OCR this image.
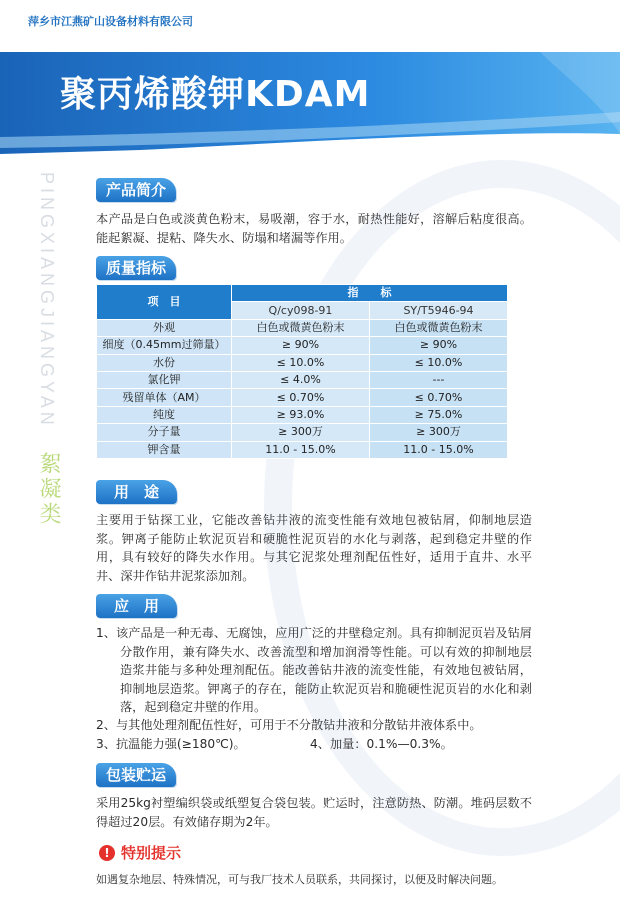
萍乡市江燕矿山设备材料有限公司
聚丙烯酸钾KDAM
PINGXIANGJIANGYAN
絮凝类
产品简介
本产品是白色或淡黄色粉末，易吸潮，容于水，耐热性能好，溶解后粘度很高。能起絮凝、提粘、降失水、防塌和堵漏等作用。
质量指标
项　目	指　　标	
	Q/cy098-91	SY/T5946-94
外观	白色或微黄色粉末	白色或微黄色粉末
细度（0.45mm过筛量）	≥ 90%	≥ 90%
水份	≤ 10.0%	≤ 10.0%
氯化钾	≤ 4.0%	---
残留单体（AM）	≤ 0.70%	≤ 0.70%
纯度	≥ 93.0%	≥ 75.0%
分子量	≥ 300万	≥ 300万
钾含量	11.0 - 15.0%	11.0 - 15.0%
用　途
主要用于钻探工业，它能改善钻井液的流变性能有效地包被钻屑，仰制地层造浆。钾离子能防止软泥页岩和硬脆性泥页岩的水化与剥落，起到稳定井壁的作用，具有较好的降失水作用。与其它泥浆处理剂配伍性好，适用于直井、水平井、深井作钻井泥浆添加剂。
应　用
1、该产品是一种无毒、无腐蚀，应用广泛的井壁稳定剂。具有抑制泥页岩及钻屑分散作用，兼有降失水、改善流型和增加润滑等性能。可以有效的抑制地层造浆井能与多种处理剂配伍。能改善钻井液的流变性能，有效地包被钻屑，抑制地层造浆。钾离子的存在，能防止软泥页岩和脆硬性泥页岩的水化和剥落，起到稳定井壁的作用。
2、与其他处理剂配伍性好，可用于不分散钻井液和分散钻井液体系中。
3、抗温能力强(≥180℃)。	4、加量：0.1%—0.3%。
包装贮运
采用25kg衬塑编织袋或纸塑复合袋包装。贮运时，注意防热、防潮。堆码层数不得超过20层。有效储存期为2年。
! 特别提示
如遇复杂地层、特殊情况，可与我厂技术人员联系，共同探讨，以便及时解决问题。
